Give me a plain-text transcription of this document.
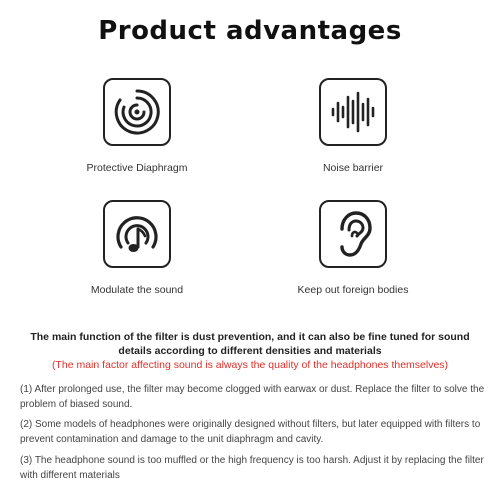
Product advantages
Protective Diaphragm	Noise barrier
Modulate the sound	Keep out foreign bodies
The main function of the filter is dust prevention, and it can also be fine tuned for sound details according to different densities and materials
(The main factor affecting sound is always the quality of the headphones themselves)
(1) After prolonged use, the filter may become clogged with earwax or dust. Replace the filter to solve the problem of biased sound.
(2) Some models of headphones were originally designed without filters, but later equipped with filters to prevent contamination and damage to the unit diaphragm and cavity.
(3) The headphone sound is too muffled or the high frequency is too harsh. Adjust it by replacing the filter with different materials
